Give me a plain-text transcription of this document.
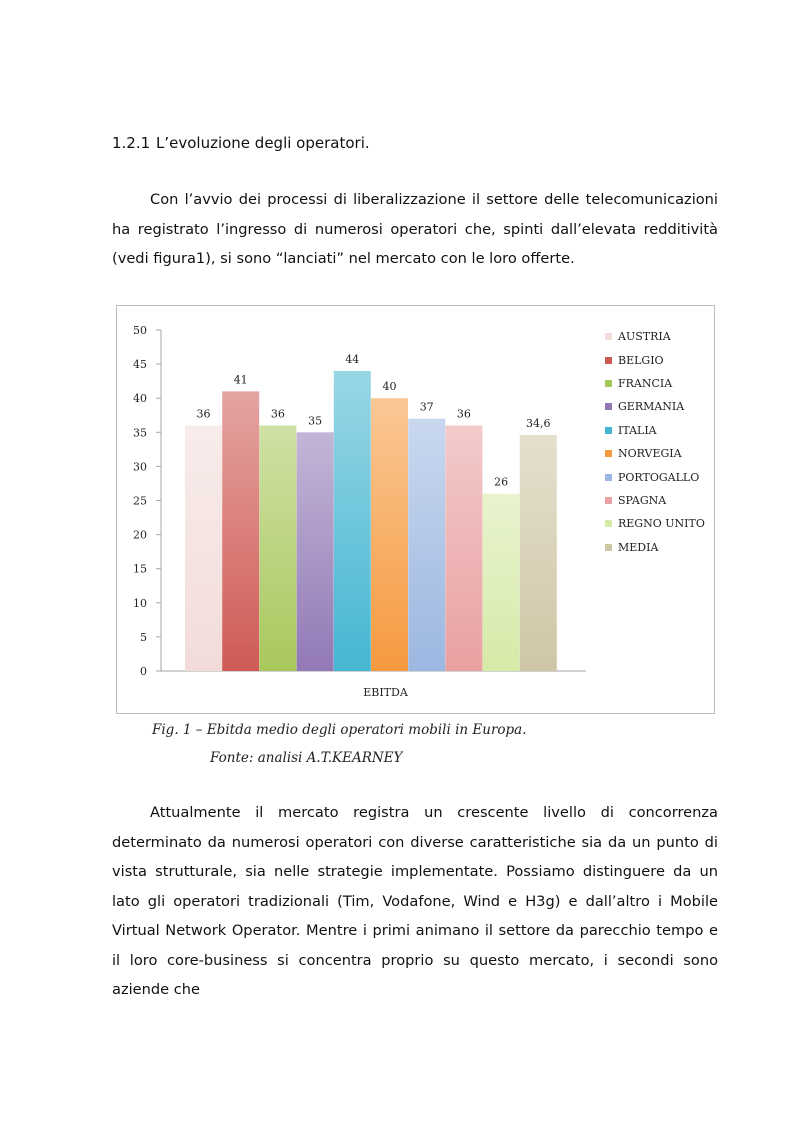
1.2.1 L’evoluzione degli operatori.

Con l’avvio dei processi di liberalizzazione il settore delle telecomunicazioni ha registrato l’ingresso di numerosi operatori che, spinti dall’elevata redditività (vedi figura1), si sono “lanciati” nel mercato con le loro offerte.

0
5
10
15
20
25
30
35
40
45
50
36
41
36
35
44
40
37
36
26
34,6
EBITDA
AUSTRIA
BELGIO
FRANCIA
GERMANIA
ITALIA
NORVEGIA
PORTOGALLO
SPAGNA
REGNO UNITO
MEDIA
Fig. 1 – Ebitda medio degli operatori mobili in Europa.
Fonte: analisi A.T.KEARNEY

Attualmente il mercato registra un crescente livello di concorrenza determinato da numerosi operatori con diverse caratteristiche sia da un punto di vista strutturale, sia nelle strategie implementate. Possiamo distinguere da un lato gli operatori tradizionali (Tim, Vodafone, Wind e H3g) e dall’altro i Mobile Virtual Network Operator. Mentre i primi animano il settore da parecchio tempo e il loro core-business si concentra proprio su questo mercato, i secondi sono aziende che
